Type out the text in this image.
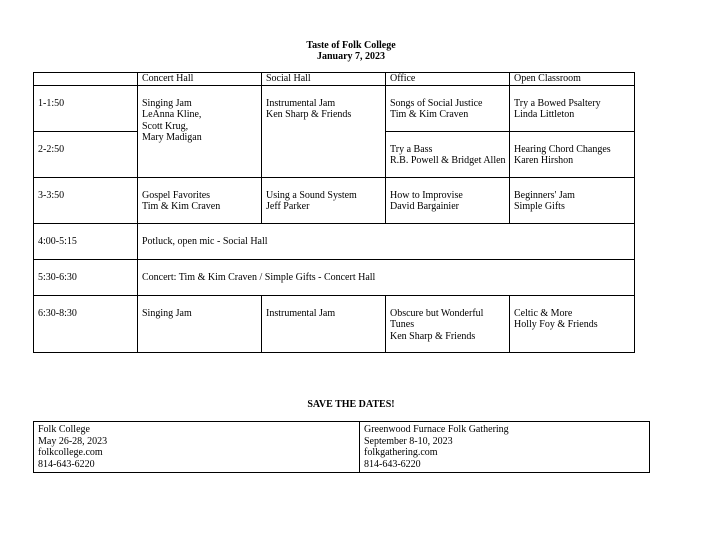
Taste of Folk College
January 7, 2023
	Concert Hall	Social Hall	Office	Open Classroom
1-1:50	Singing Jam
LeAnna Kline,
Scott Krug,
Mary Madigan	Instrumental Jam
Ken Sharp & Friends	Songs of Social Justice
Tim & Kim Craven	Try a Bowed Psaltery
Linda Littleton

2-2:50			Try a Bass
R.B. Powell & Bridget Allen	Hearing Chord Changes
Karen Hirshon

3-3:50	Gospel Favorites
Tim & Kim Craven	Using a Sound System
Jeff Parker	How to Improvise
David Bargainier	Beginners' Jam
Simple Gifts

4:00-5:15	Potluck, open mic - Social Hall			
5:30-6:30	Concert: Tim & Kim Craven / Simple Gifts - Concert Hall			
6:30-8:30	Singing Jam	Instrumental Jam	Obscure but Wonderful
Tunes
Ken Sharp & Friends	Celtic & More
Holly Foy & Friends
SAVE THE DATES!
Folk College
May 26-28, 2023
folkcollege.com
814-643-6220

Greenwood Furnace Folk Gathering
September 8-10, 2023
folkgathering.com
814-643-6220
